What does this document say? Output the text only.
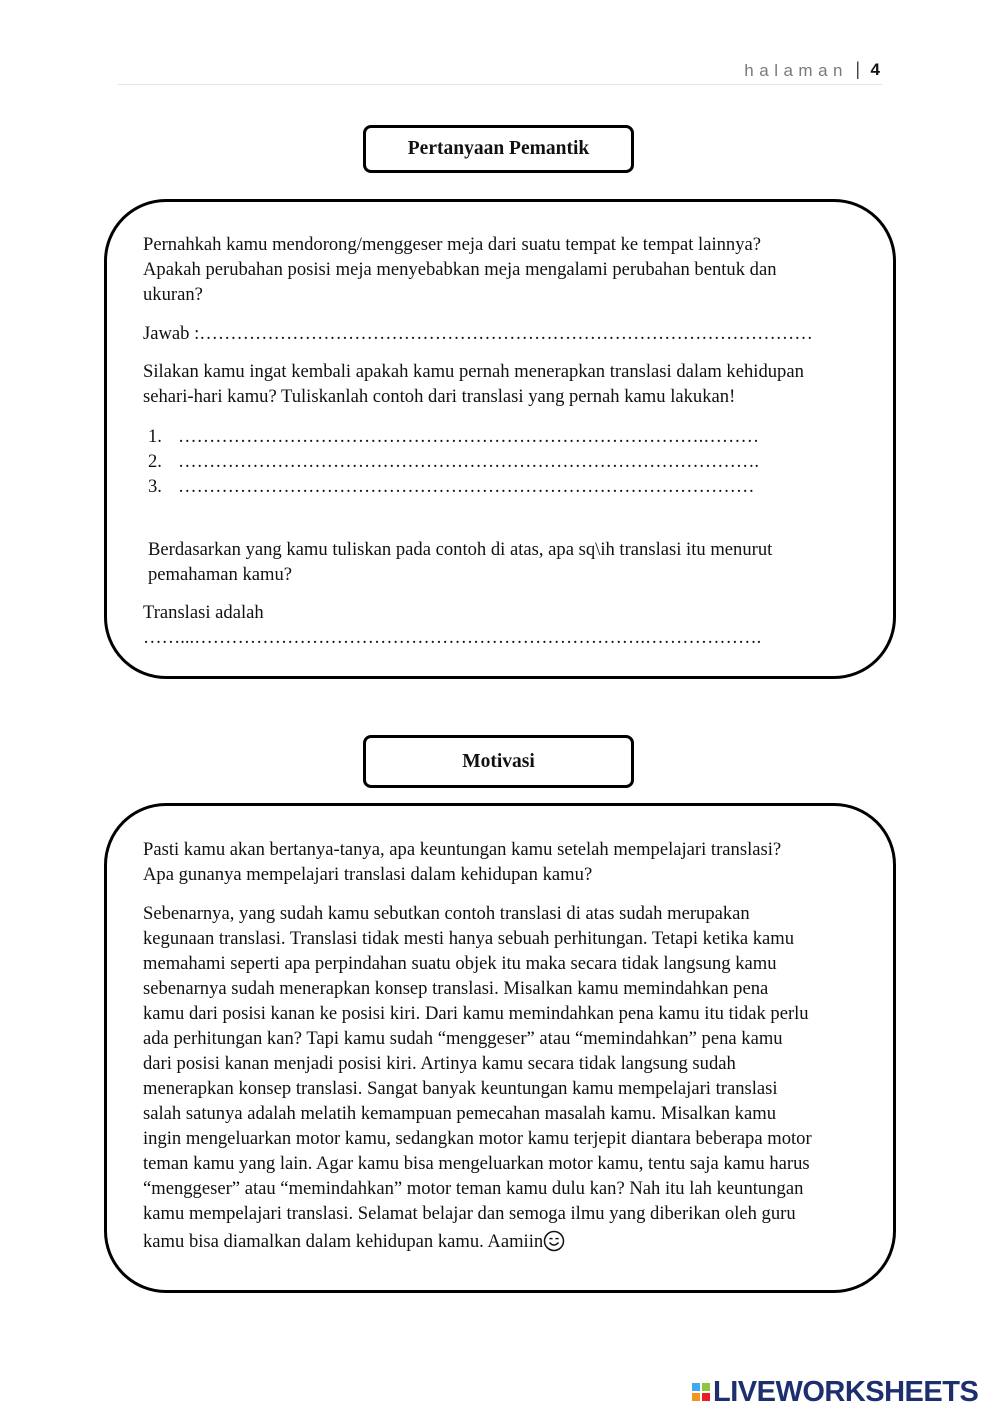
halaman | 4
Pertanyaan Pemantik
Pernahkah kamu mendorong/menggeser meja dari suatu tempat ke tempat lainnya?
Apakah perubahan posisi meja menyebabkan meja mengalami perubahan bentuk dan
ukuran?
Jawab :………………………………………………………………………………………
Silakan kamu ingat kembali apakah kamu pernah menerapkan translasi dalam kehidupan
sehari-hari kamu? Tuliskanlah contoh dari translasi yang pernah kamu lakukan!
1. ………………………………………………………………………….………
2. ………………………………………………………………………………….
3. …………………………………………………………………………………
Berdasarkan yang kamu tuliskan pada contoh di atas, apa sq\ih translasi itu menurut
pemahaman kamu?
Translasi adalah
……...……………………………………………………………….……………….
Motivasi
Pasti kamu akan bertanya-tanya, apa keuntungan kamu setelah mempelajari translasi?
Apa gunanya mempelajari translasi dalam kehidupan kamu?
Sebenarnya, yang sudah kamu sebutkan contoh translasi di atas sudah merupakan
kegunaan translasi. Translasi tidak mesti hanya sebuah perhitungan. Tetapi ketika kamu
memahami seperti apa perpindahan suatu objek itu maka secara tidak langsung kamu
sebenarnya sudah menerapkan konsep translasi. Misalkan kamu memindahkan pena
kamu dari posisi kanan ke posisi kiri. Dari kamu memindahkan pena kamu itu tidak perlu
ada perhitungan kan? Tapi kamu sudah “menggeser” atau “memindahkan” pena kamu
dari posisi kanan menjadi posisi kiri. Artinya kamu secara tidak langsung sudah
menerapkan konsep translasi. Sangat banyak keuntungan kamu mempelajari translasi
salah satunya adalah melatih kemampuan pemecahan masalah kamu. Misalkan kamu
ingin mengeluarkan motor kamu, sedangkan motor kamu terjepit diantara beberapa motor
teman kamu yang lain. Agar kamu bisa mengeluarkan motor kamu, tentu saja kamu harus
“menggeser” atau “memindahkan” motor teman kamu dulu kan? Nah itu lah keuntungan
kamu mempelajari translasi. Selamat belajar dan semoga ilmu yang diberikan oleh guru
kamu bisa diamalkan dalam kehidupan kamu. Aamiin
LIVEWORKSHEETS
